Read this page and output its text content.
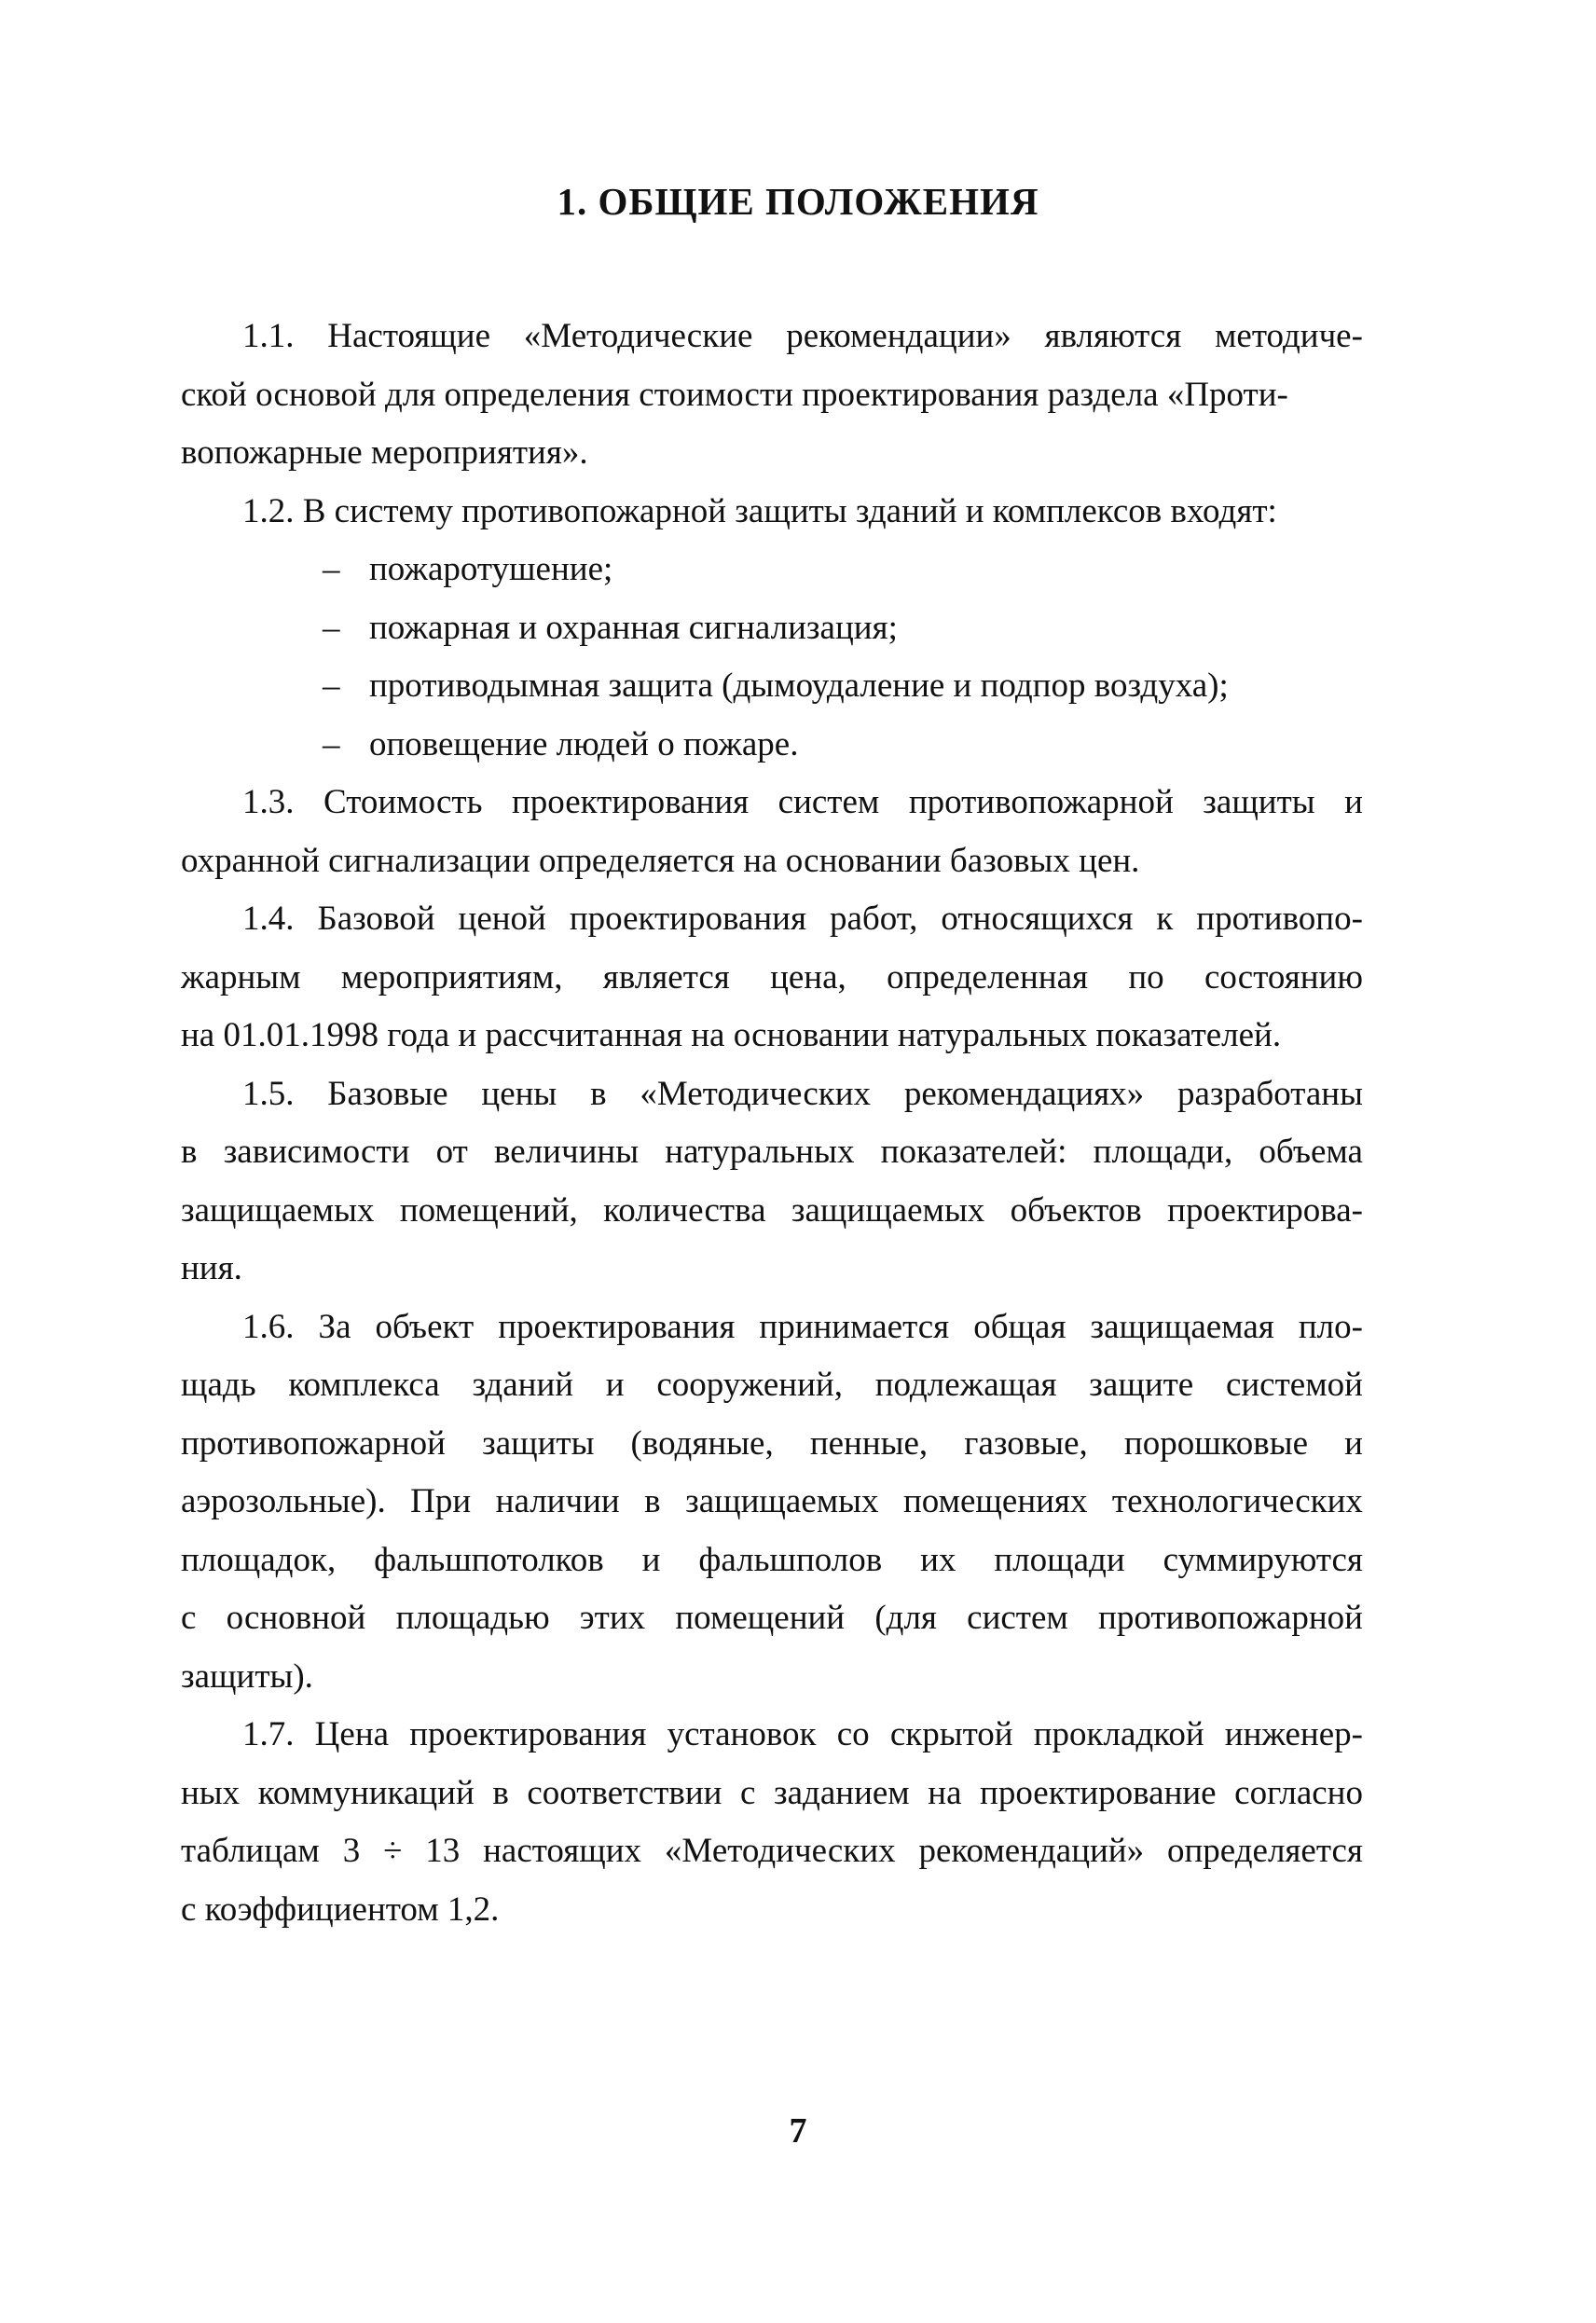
1. ОБЩИЕ ПОЛОЖЕНИЯ
1.1. Настоящие «Методические рекомендации» являются методиче-
ской основой для определения стоимости проектирования раздела «Проти-
вопожарные мероприятия».
1.2. В систему противопожарной защиты зданий и комплексов входят:
– пожаротушение;
– пожарная и охранная сигнализация;
– противодымная защита (дымоудаление и подпор воздуха);
– оповещение людей о пожаре.
1.3. Стоимость проектирования систем противопожарной защиты и
охранной сигнализации определяется на основании базовых цен.
1.4. Базовой ценой проектирования работ, относящихся к противопо-
жарным мероприятиям, является цена, определенная по состоянию
на 01.01.1998 года и рассчитанная на основании натуральных показателей.
1.5. Базовые цены в «Методических рекомендациях» разработаны
в зависимости от величины натуральных показателей: площади, объема
защищаемых помещений, количества защищаемых объектов проектирова-
ния.
1.6. За объект проектирования принимается общая защищаемая пло-
щадь комплекса зданий и сооружений, подлежащая защите системой
противопожарной защиты (водяные, пенные, газовые, порошковые и
аэрозольные). При наличии в защищаемых помещениях технологических
площадок, фальшпотолков и фальшполов их площади суммируются
с основной площадью этих помещений (для систем противопожарной
защиты).
1.7. Цена проектирования установок со скрытой прокладкой инженер-
ных коммуникаций в соответствии с заданием на проектирование согласно
таблицам 3 ÷ 13 настоящих «Методических рекомендаций» определяется
с коэффициентом 1,2.
7
